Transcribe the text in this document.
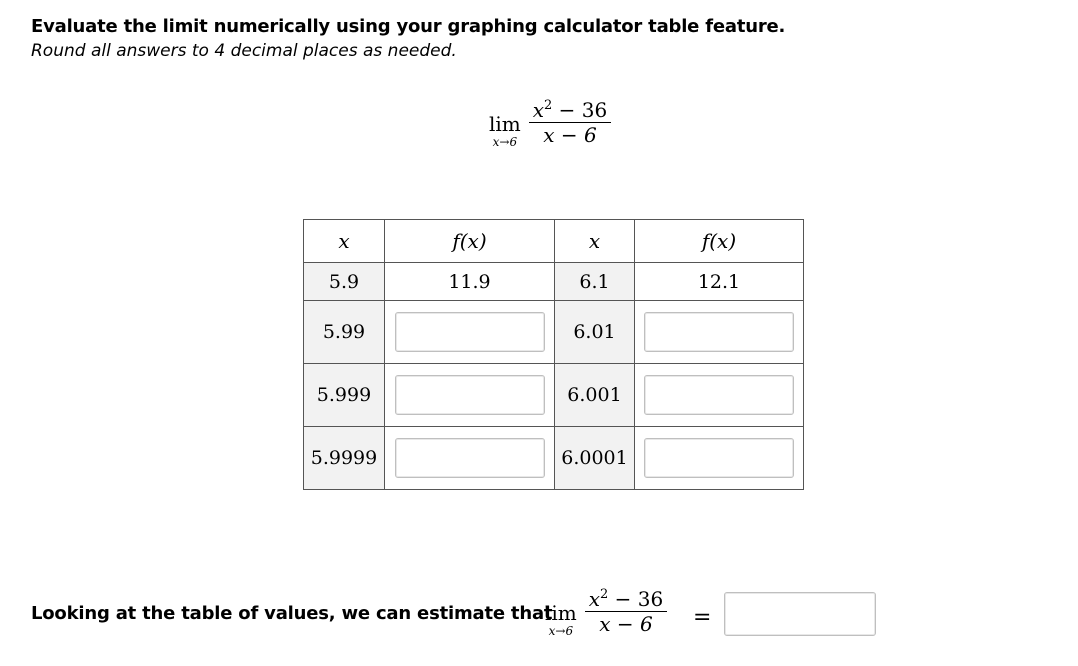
Evaluate the limit numerically using your graphing calculator table feature.
Round all answers to 4 decimal places as needed.
lim
$x\to 6 \frac{x^2 - 36}{x - 6}$
x	f(x)	x	f(x)
5.9	11.9	6.1	12.1
5.99		6.01	

5.999		6.001	

5.9999		6.0001	
Looking at the table of values, we can estimate that
lim
$x\to 6 \frac{x^2 - 36}{x - 6}$ =
